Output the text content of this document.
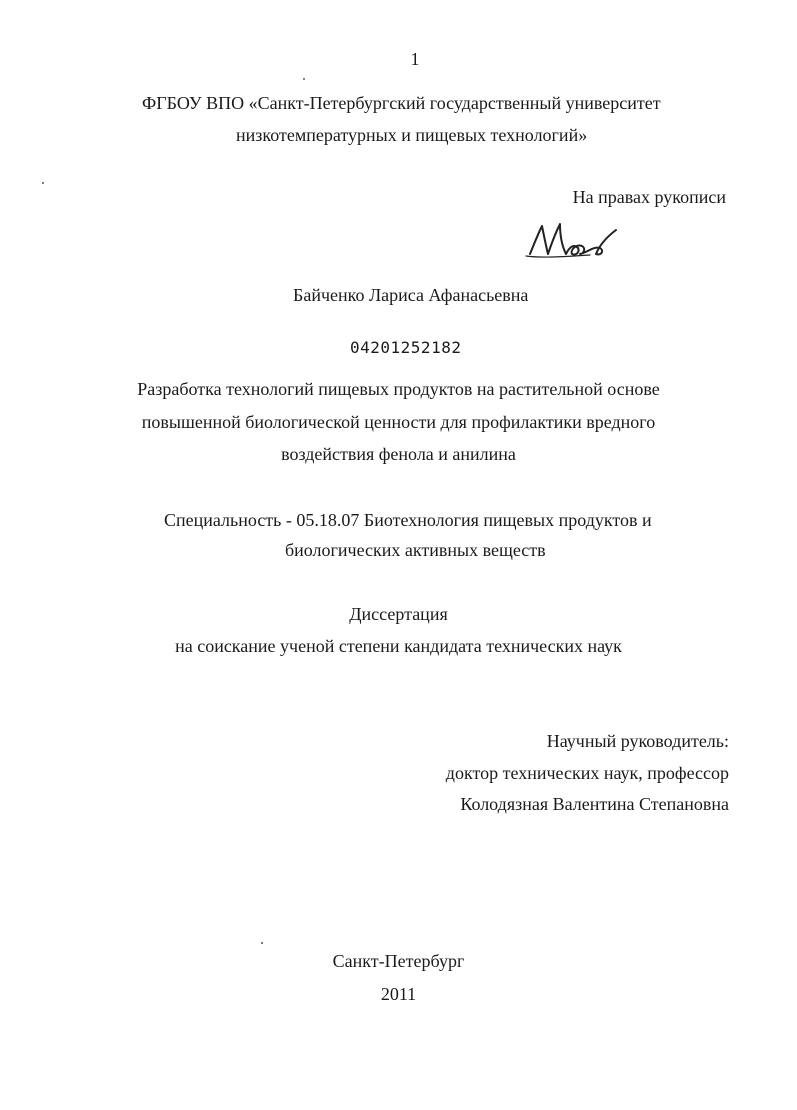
1
ФГБОУ ВПО «Санкт-Петербургский государственный университет
низкотемпературных и пищевых технологий»
На правах рукописи
Байченко Лариса Афанасьевна
04201252182
Разработка технологий пищевых продуктов на растительной основе
повышенной биологической ценности для профилактики вредного
воздействия фенола и анилина
Специальность - 05.18.07 Биотехнология пищевых продуктов и
биологических активных веществ
Диссертация
на соискание ученой степени кандидата технических наук
Научный руководитель:
доктор технических наук, профессор
Колодязная Валентина Степановна
Санкт-Петербург
2011
